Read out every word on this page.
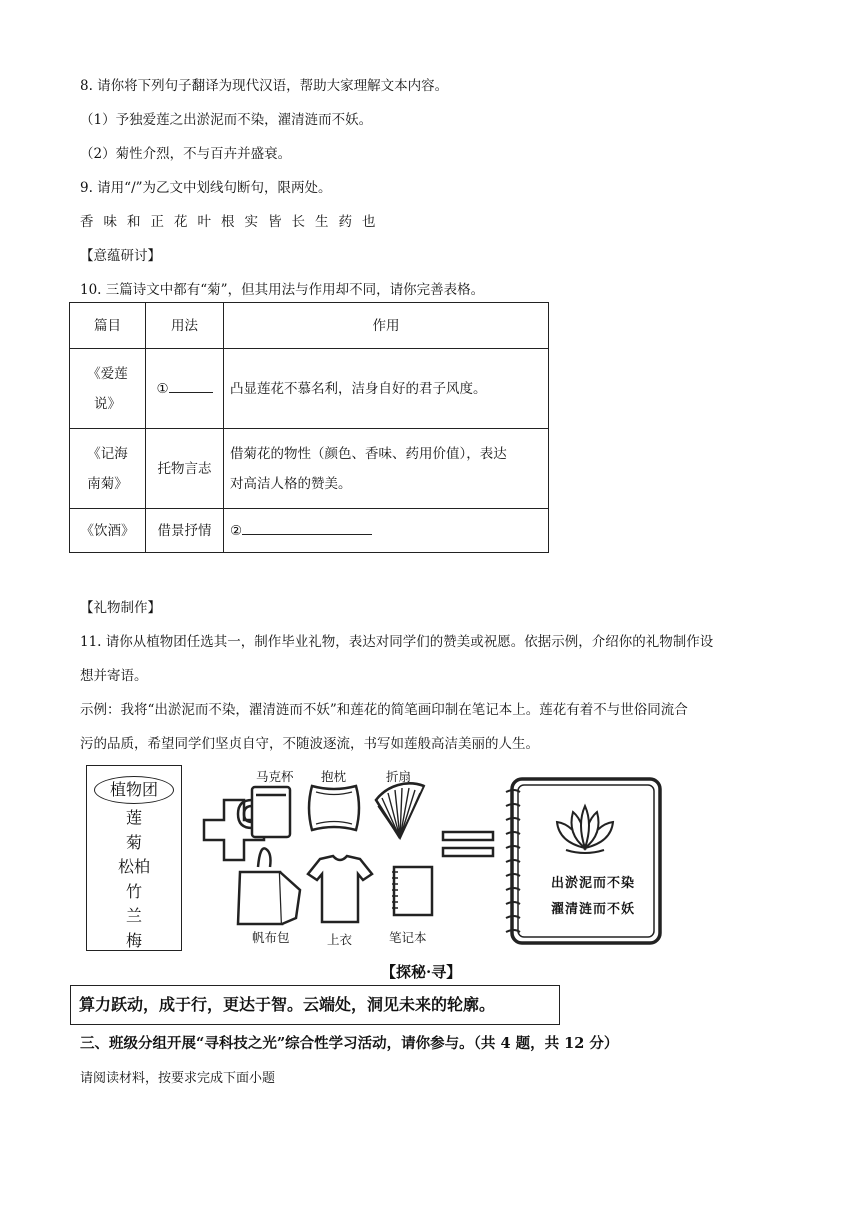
8. 请你将下列句子翻译为现代汉语，帮助大家理解文本内容。
（1）予独爱莲之出淤泥而不染，濯清涟而不妖。
（2）菊性介烈，不与百卉并盛衰。
9. 请用“/”为乙文中划线句断句，限两处。
香味和正花叶根实皆长生药也
【意蕴研讨】
10. 三篇诗文中都有“菊”，但其用法与作用却不同，请你完善表格。
篇目	用法	作用
《爱莲
说》	①	凸显莲花不慕名利，洁身自好的君子风度。
《记海
南菊》	托物言志	借菊花的物性（颜色、香味、药用价值），表达
对高洁人格的赞美。
《饮酒》	借景抒情	②
【礼物制作】
11. 请你从植物团任选其一，制作毕业礼物，表达对同学们的赞美或祝愿。依据示例，介绍你的礼物制作设
想并寄语。
示例：我将“出淤泥而不染，濯清涟而不妖”和莲花的简笔画印制在笔记本上。莲花有着不与世俗同流合
污的品质，希望同学们坚贞自守，不随波逐流，书写如莲般高洁美丽的人生。
植物团
莲
菊
松柏
竹
兰
梅
马克杯 抱枕	折扇
帆布包	上衣	笔记本
出淤泥而不染
濯清涟而不妖
【探秘·寻】
算力跃动，成于行，更达于智。云端处，洞见未来的轮廓。
三、班级分组开展“寻科技之光”综合性学习活动，请你参与。（共 4 题，共 12 分）
请阅读材料，按要求完成下面小题
